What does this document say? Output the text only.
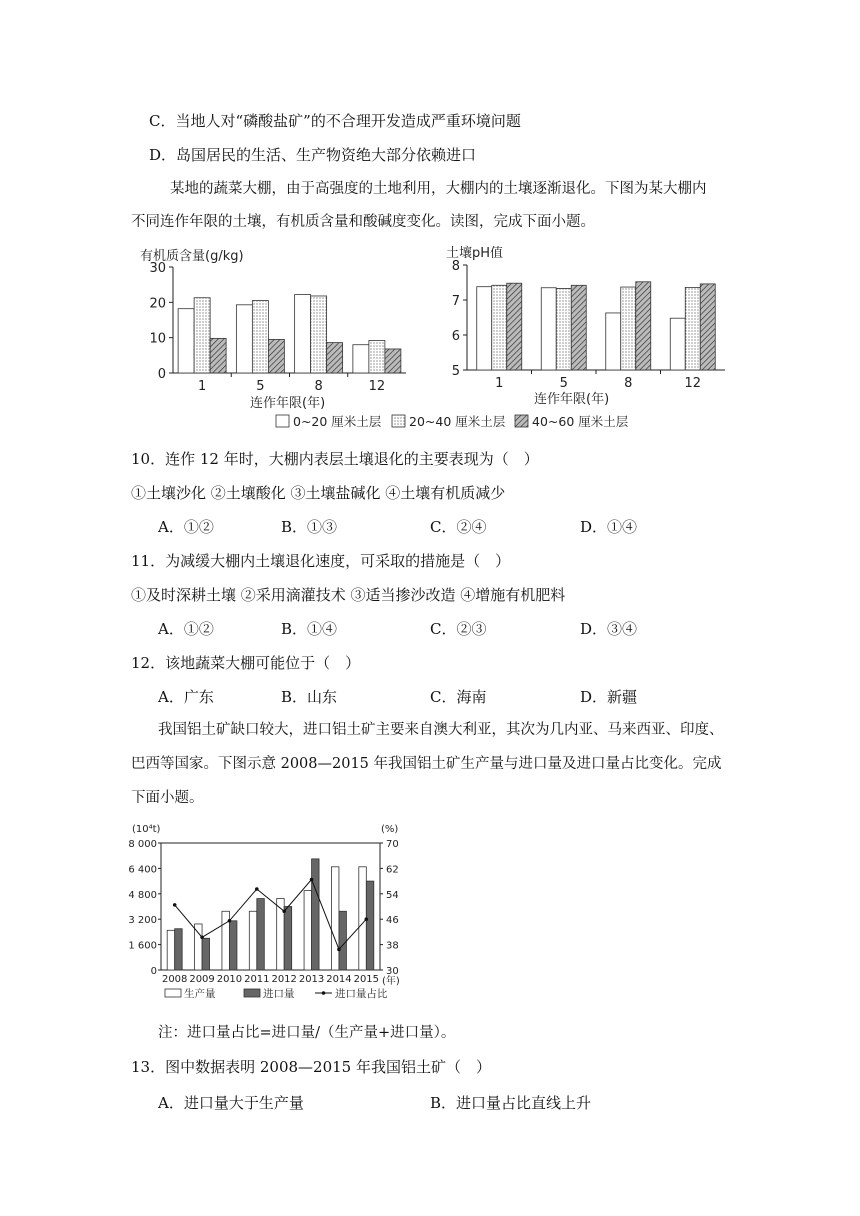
C．当地人对“磷酸盐矿”的不合理开发造成严重环境问题
D．岛国居民的生活、生产物资绝大部分依赖进口
某地的蔬菜大棚，由于高强度的土地利用，大棚内的土壤逐渐退化。下图为某大棚内
不同连作年限的土壤，有机质含量和酸碱度变化。读图，完成下面小题。
0
10
20
30
1	5	8	12
5
6
7
8
1	5	8	12
有机质含量(g/kg)	土壤pH值
连作年限(年)	连作年限(年)
0~20 厘米土层 20~40 厘米土层 40~60 厘米土层
10．连作 12 年时，大棚内表层土壤退化的主要表现为（　）
①土壤沙化 ②土壤酸化 ③土壤盐碱化 ④土壤有机质减少
A．①②	B．①③	C．②④	D．①④
11．为减缓大棚内土壤退化速度，可采取的措施是（　）
①及时深耕土壤 ②采用滴灌技术 ③适当掺沙改造 ④增施有机肥料
A．①②	B．①④	C．②③	D．③④
12．该地蔬菜大棚可能位于（　）
A．广东	B．山东	C．海南	D．新疆
我国铝土矿缺口较大，进口铝土矿主要来自澳大利亚，其次为几内亚、马来西亚、印度、
巴西等国家。下图示意 2008—2015 年我国铝土矿生产量与进口量及进口量占比变化。完成
下面小题。
0
1 600
3 200
4 800
6 400
8 000
30
38
46
54
62
70
2008 2009 2010 2011 2012 2013 2014 2015
(10⁴t)	(%)
(年)
生产量	进口量	进口量占比
注：进口量占比=进口量/（生产量+进口量）。
13．图中数据表明 2008—2015 年我国铝土矿（　）
A．进口量大于生产量	B．进口量占比直线上升
